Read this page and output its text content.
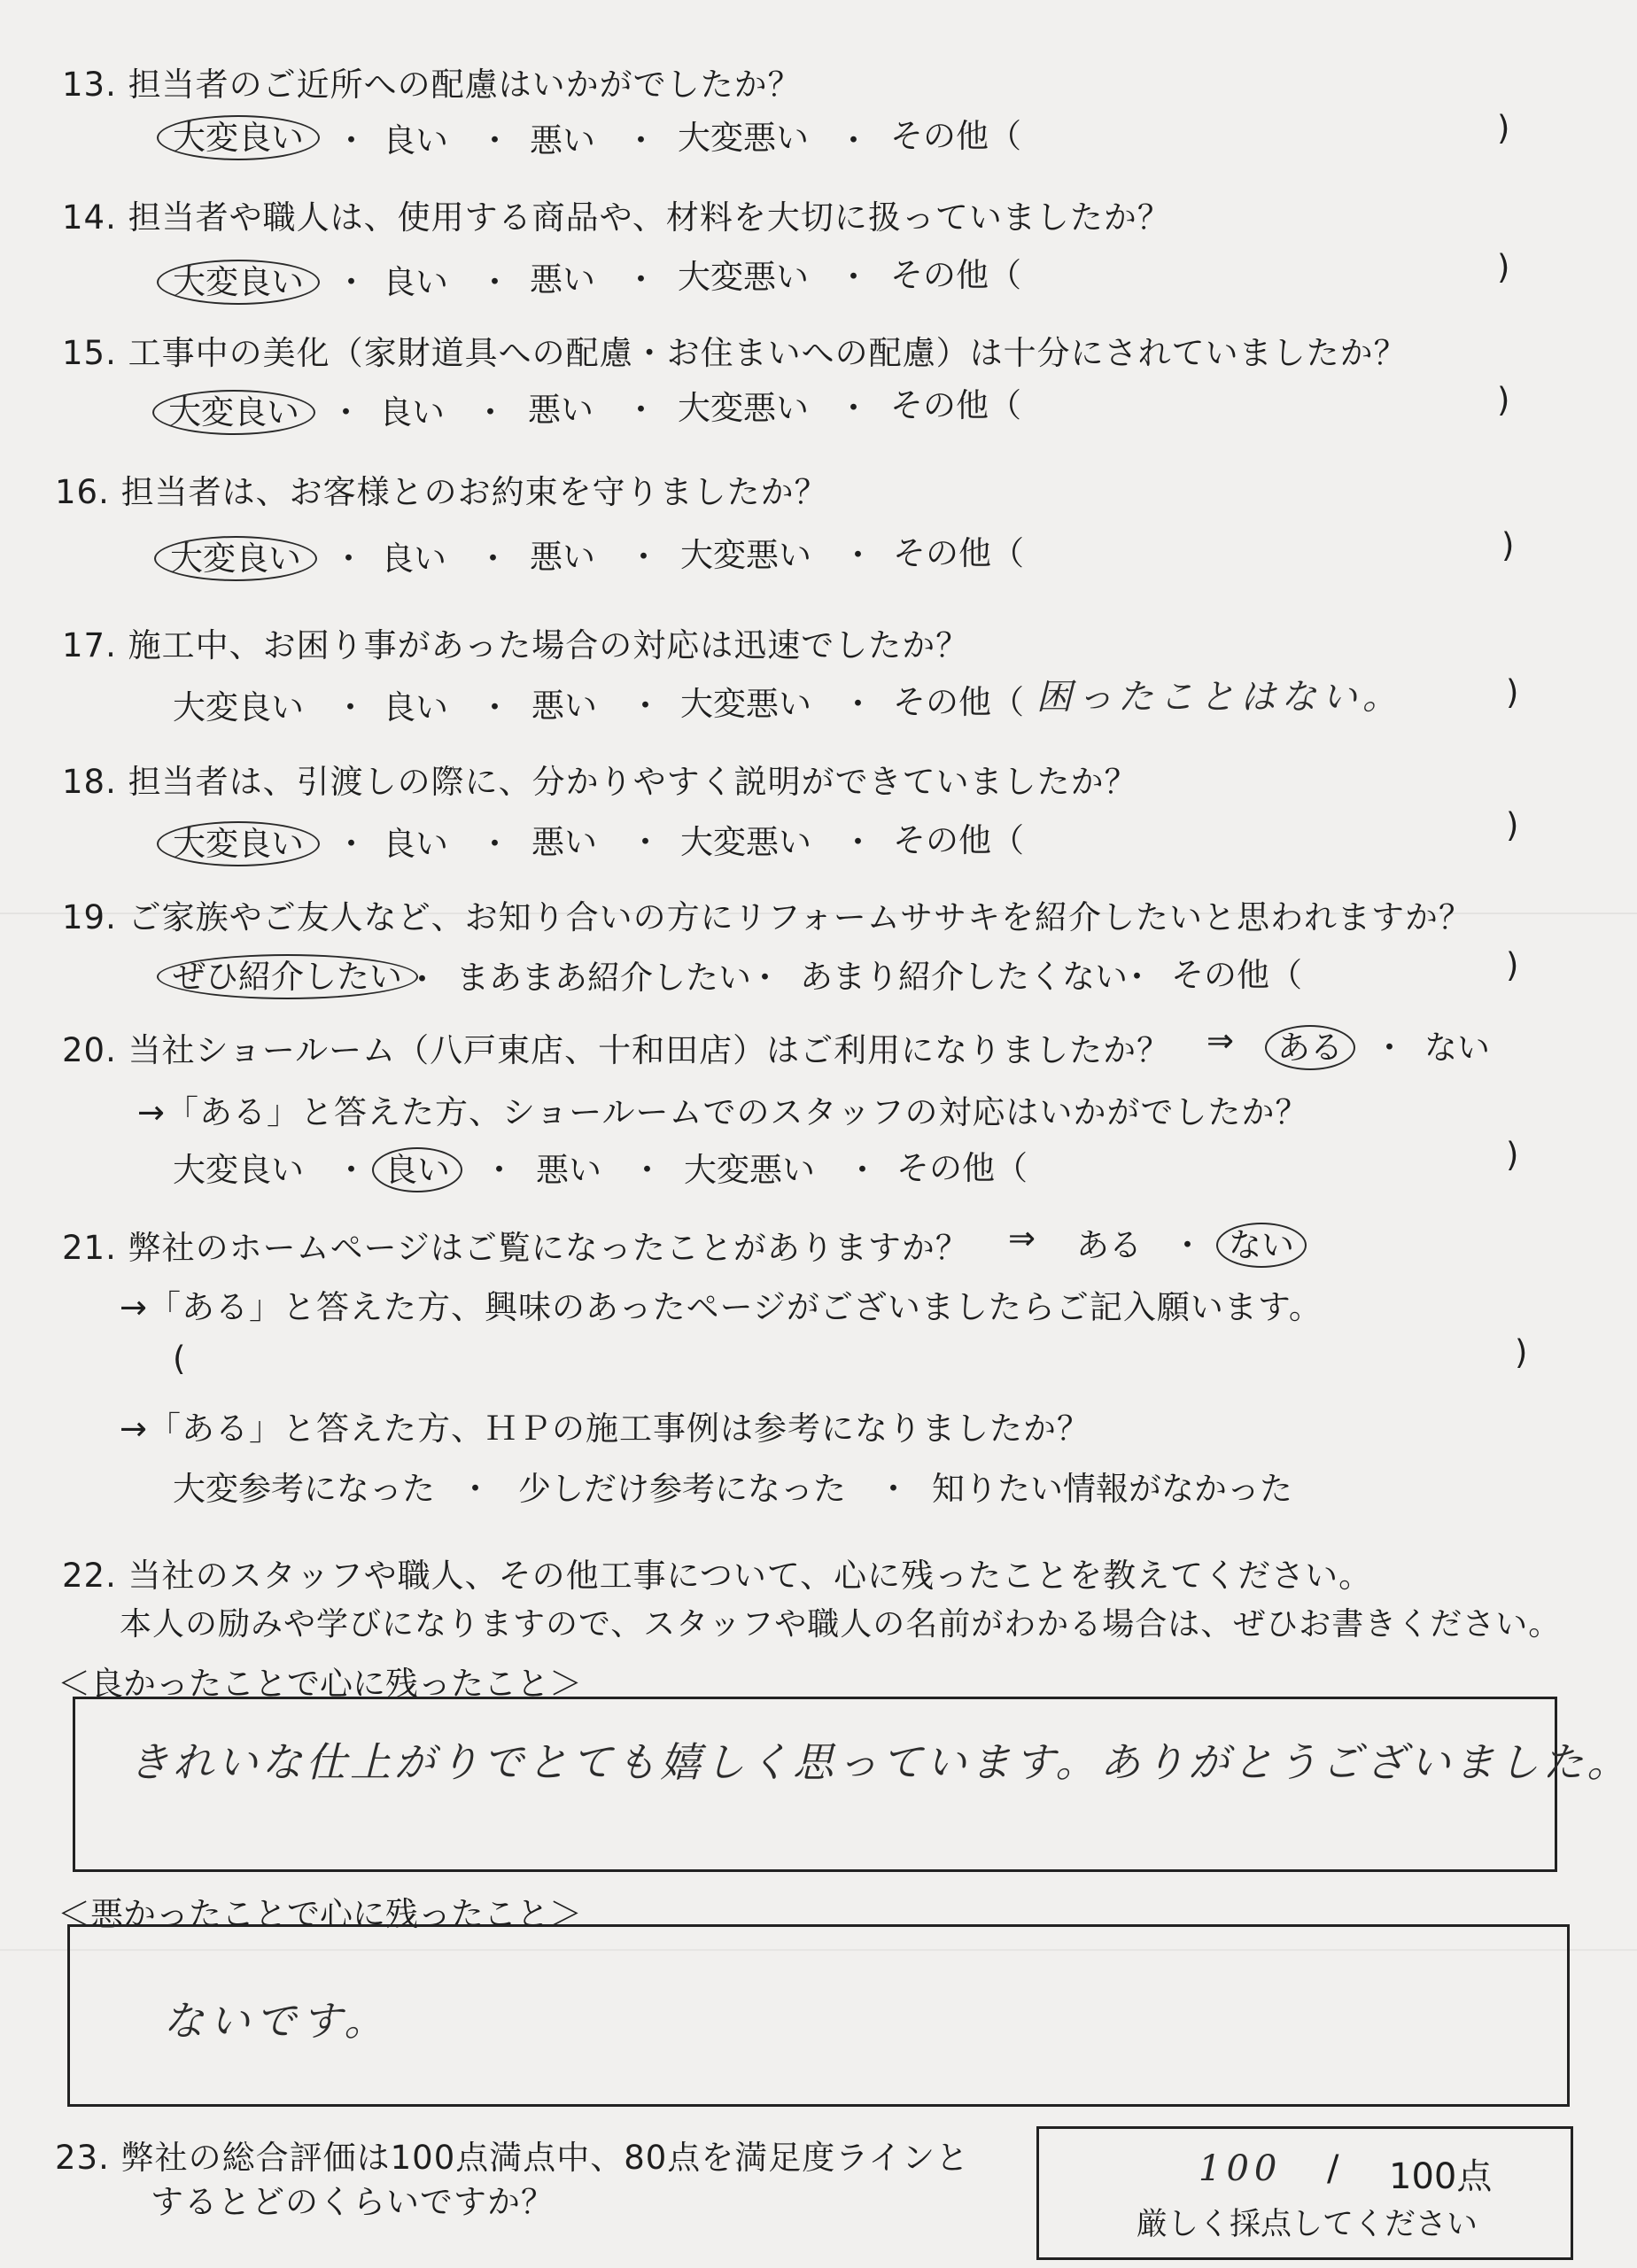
13. 担当者のご近所への配慮はいかがでしたか？
大変良い ・ 良い ・ 悪い ・ 大変悪い ・ その他（	)
14. 担当者や職人は、使用する商品や、材料を大切に扱っていましたか？
大変良い ・ 良い ・ 悪い ・ 大変悪い ・ その他（	)
15. 工事中の美化（家財道具への配慮・お住まいへの配慮）は十分にされていましたか？
大変良い ・ 良い ・ 悪い ・ 大変悪い ・ その他（	)
16. 担当者は、お客様とのお約束を守りましたか？
大変良い ・ 良い ・ 悪い ・ 大変悪い ・ その他（	)
17. 施工中、お困り事があった場合の対応は迅速でしたか？
大変良い ・ 良い ・ 悪い ・ 大変悪い ・ その他（ 困ったことはない。	)
18. 担当者は、引渡しの際に、分かりやすく説明ができていましたか？
大変良い ・ 良い ・ 悪い ・ 大変悪い ・ その他（	)
19. ご家族やご友人など、お知り合いの方にリフォームササキを紹介したいと思われますか？
ぜひ紹介したい ・ まあまあ紹介したい
・ あまり紹介したくない
・ その他（	)
20. 当社ショールーム（八戸東店、十和田店）はご利用になりましたか？ ⇒ ある ・ ない
→「ある」と答えた方、ショールームでのスタッフの対応はいかがでしたか？
大変良い ・ 良い	・ 悪い ・ 大変悪い ・ その他（	)
21. 弊社のホームページはご覧になったことがありますか？ ⇒ ある ・ ない
→「ある」と答えた方、興味のあったページがございましたらご記入願います。
(	)
→「ある」と答えた方、ＨＰの施工事例は参考になりましたか？
大変参考になった ・ 少しだけ参考になった ・ 知りたい情報がなかった
22. 当社のスタッフや職人、その他工事について、心に残ったことを教えてください。
本人の励みや学びになりますので、スタッフや職人の名前がわかる場合は、ぜひお書きください。
＜良かったことで心に残ったこと＞
きれいな仕上がりでとても嬉しく思っています。ありがとうございました。
＜悪かったことで心に残ったこと＞
ないです。
23. 弊社の総合評価は100点満点中、80点を満足度ラインと
するとどのくらいですか？
100 / 100点
厳しく採点してください
